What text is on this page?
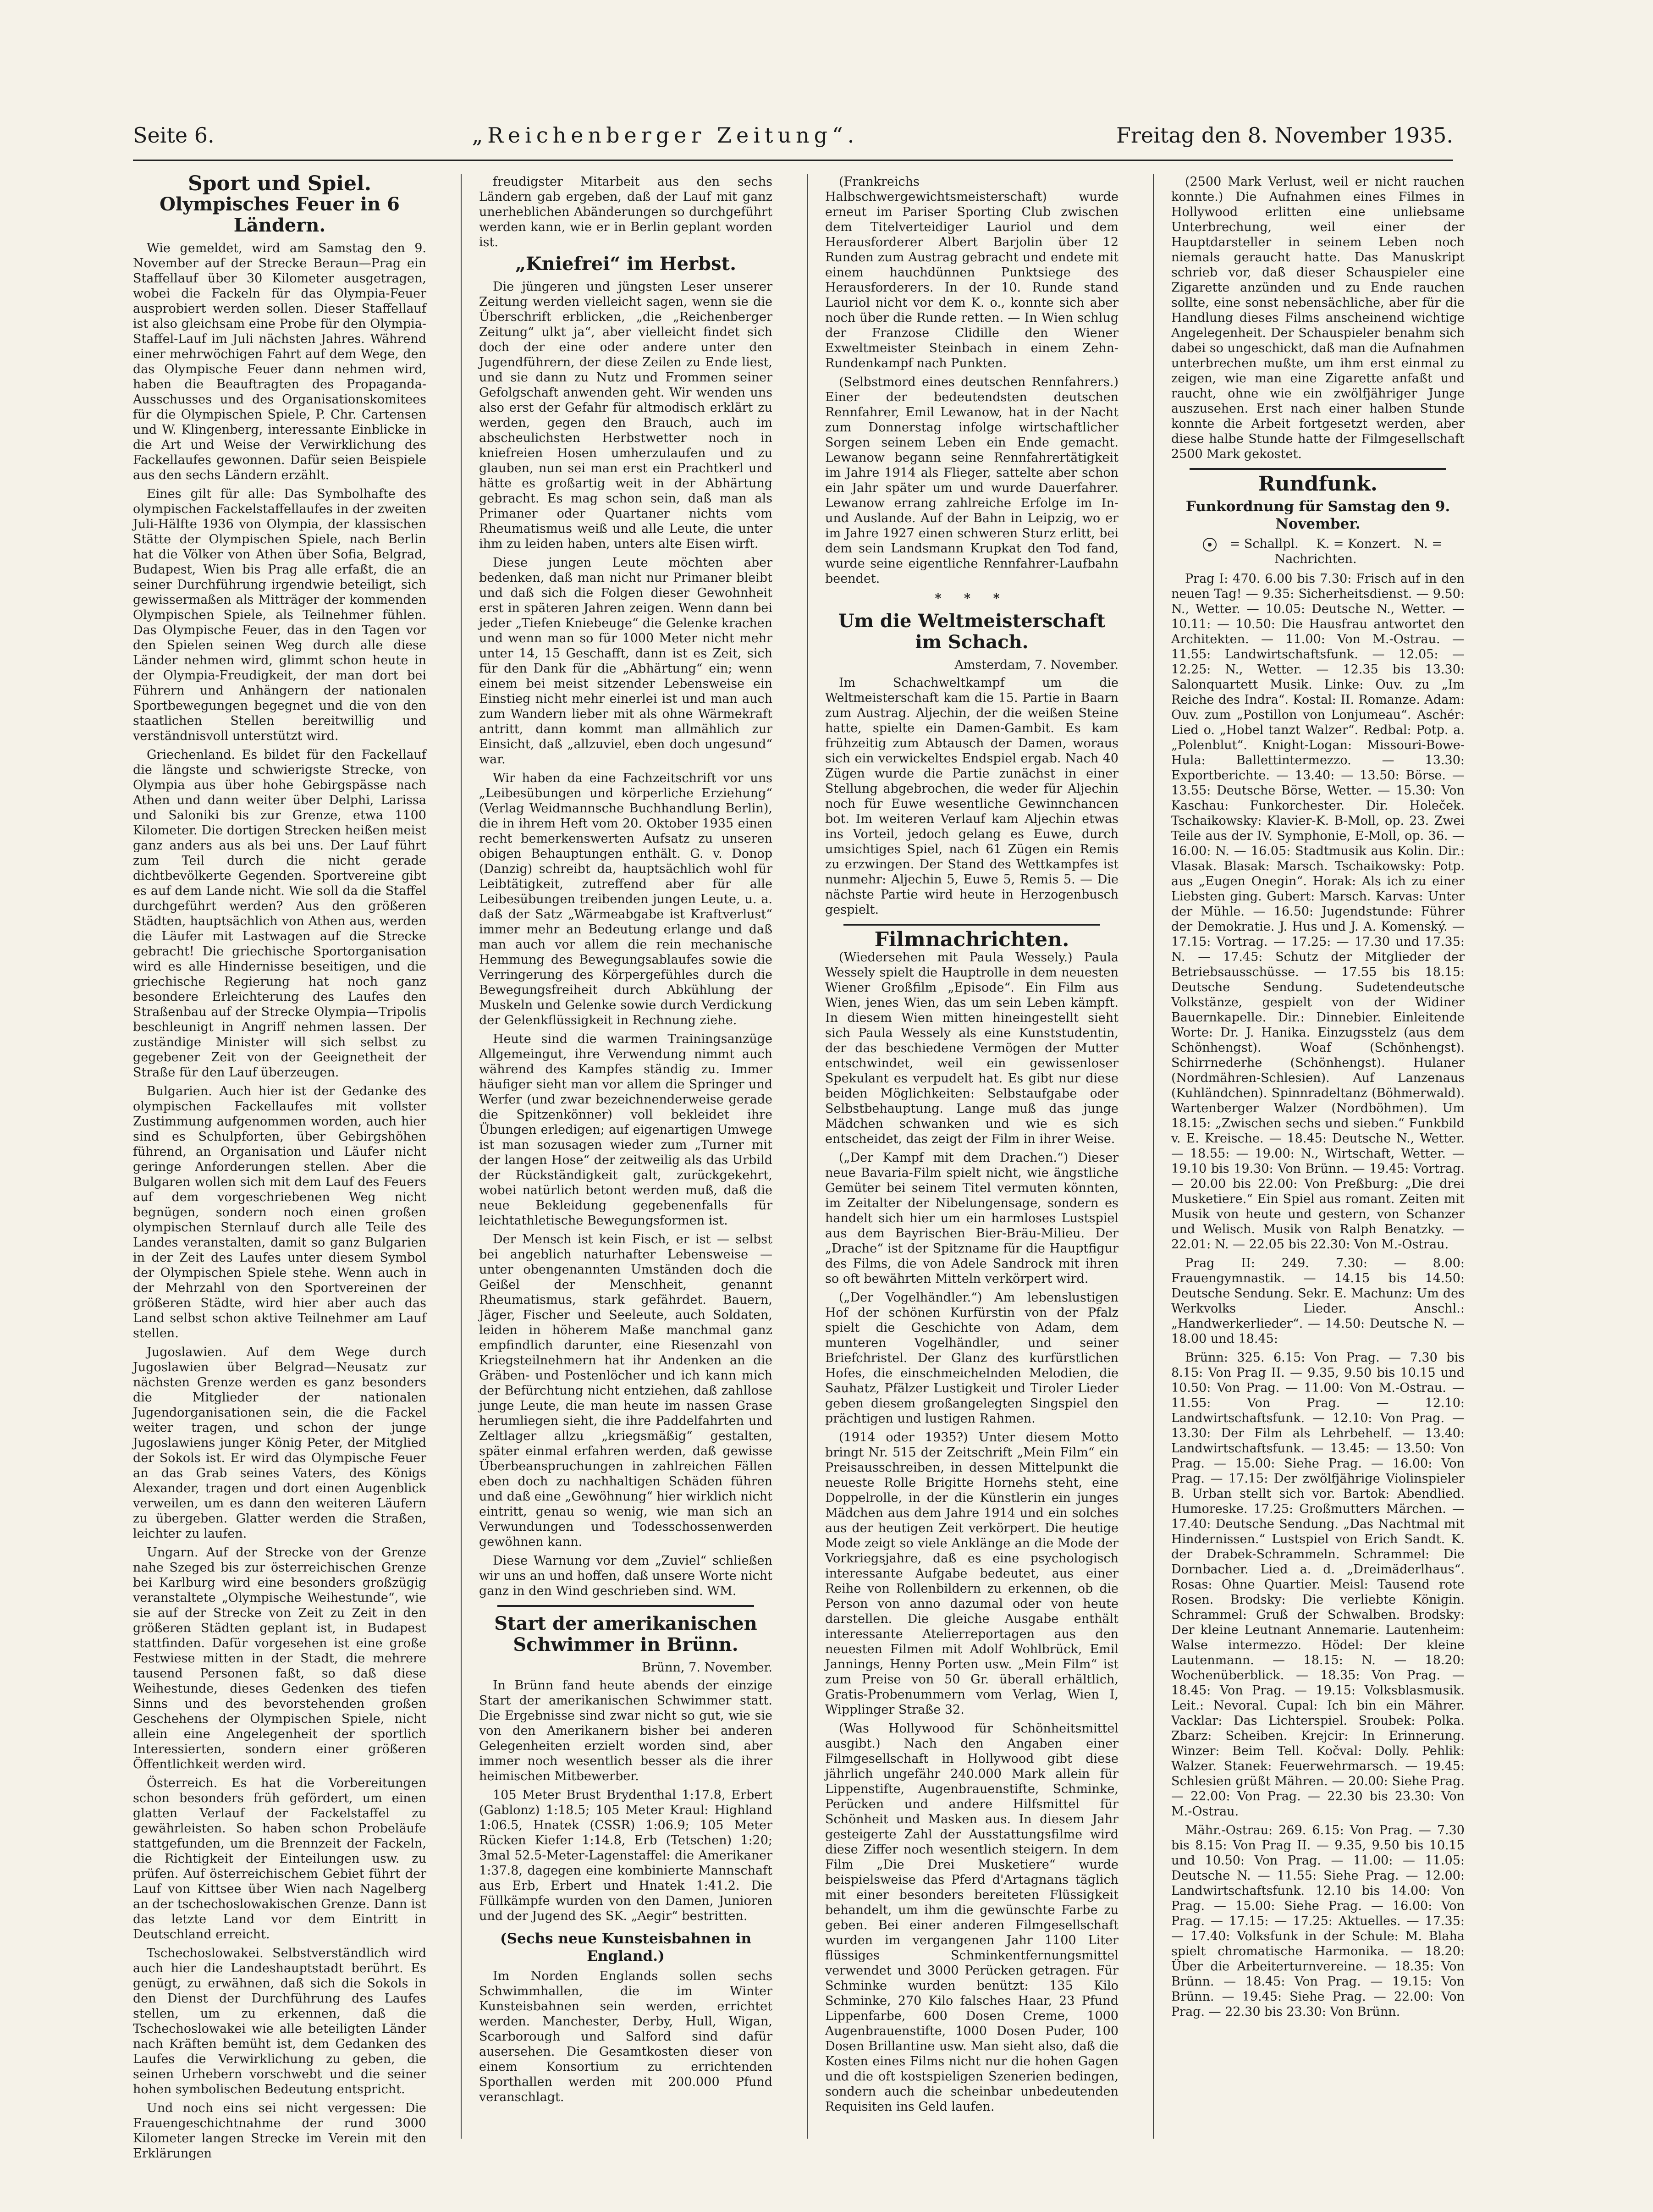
Seite 6.	„Reichenberger Zeitung“.	Freitag den 8. November 1935.
Sport und Spiel.
Olympisches Feuer in 6 Ländern.

Wie gemeldet, wird am Samstag den 9. November auf der Strecke Beraun—Prag ein Staffellauf über 30 Kilometer ausgetragen, wobei die Fackeln für das Olympia-Feuer ausprobiert werden sollen. Dieser Staffellauf ist also gleichsam eine Probe für den Olympia-Staffel-Lauf im Juli nächsten Jahres. Während einer mehrwöchigen Fahrt auf dem Wege, den das Olympische Feuer dann nehmen wird, haben die Beauftragten des Propaganda-Ausschusses und des Organisationskomitees für die Olympischen Spiele, P. Chr. Cartensen und W. Klingenberg, interessante Einblicke in die Art und Weise der Verwirklichung des Fackellaufes gewonnen. Dafür seien Beispiele aus den sechs Ländern erzählt.

Eines gilt für alle: Das Symbolhafte des olympischen Fackelstaffellaufes in der zweiten Juli-Hälfte 1936 von Olympia, der klassischen Stätte der Olympischen Spiele, nach Berlin hat die Völker von Athen über Sofia, Belgrad, Budapest, Wien bis Prag alle erfaßt, die an seiner Durchführung irgendwie beteiligt, sich gewissermaßen als Mitträger der kommenden Olympischen Spiele, als Teilnehmer fühlen. Das Olympische Feuer, das in den Tagen vor den Spielen seinen Weg durch alle diese Länder nehmen wird, glimmt schon heute in der Olympia-Freudigkeit, der man dort bei Führern und Anhängern der nationalen Sportbewegungen begegnet und die von den staatlichen Stellen bereitwillig und verständnisvoll unterstützt wird.

Griechenland. Es bildet für den Fackellauf die längste und schwierigste Strecke, von Olympia aus über hohe Gebirgspässe nach Athen und dann weiter über Delphi, Larissa und Saloniki bis zur Grenze, etwa 1100 Kilometer. Die dortigen Strecken heißen meist ganz anders aus als bei uns. Der Lauf führt zum Teil durch die nicht gerade dichtbevölkerte Gegenden. Sportvereine gibt es auf dem Lande nicht. Wie soll da die Staffel durchgeführt werden? Aus den größeren Städten, hauptsächlich von Athen aus, werden die Läufer mit Lastwagen auf die Strecke gebracht! Die griechische Sportorganisation wird es alle Hindernisse beseitigen, und die griechische Regierung hat noch ganz besondere Erleichterung des Laufes den Straßenbau auf der Strecke Olympia—Tripolis beschleunigt in Angriff nehmen lassen. Der zuständige Minister will sich selbst zu gegebener Zeit von der Geeignetheit der Straße für den Lauf überzeugen.

Bulgarien. Auch hier ist der Gedanke des olympischen Fackellaufes mit vollster Zustimmung aufgenommen worden, auch hier sind es Schulpforten, über Gebirgshöhen führend, an Organisation und Läufer nicht geringe Anforderungen stellen. Aber die Bulgaren wollen sich mit dem Lauf des Feuers auf dem vorgeschriebenen Weg nicht begnügen, sondern noch einen großen olympischen Sternlauf durch alle Teile des Landes veranstalten, damit so ganz Bulgarien in der Zeit des Laufes unter diesem Symbol der Olympischen Spiele stehe. Wenn auch in der Mehrzahl von den Sportvereinen der größeren Städte, wird hier aber auch das Land selbst schon aktive Teilnehmer am Lauf stellen.

Jugoslawien. Auf dem Wege durch Jugoslawien über Belgrad—Neusatz zur nächsten Grenze werden es ganz besonders die Mitglieder der nationalen Jugendorganisationen sein, die die Fackel weiter tragen, und schon der junge Jugoslawiens junger König Peter, der Mitglied der Sokols ist. Er wird das Olympische Feuer an das Grab seines Vaters, des Königs Alexander, tragen und dort einen Augenblick verweilen, um es dann den weiteren Läufern zu übergeben. Glatter werden die Straßen, leichter zu laufen.

Ungarn. Auf der Strecke von der Grenze nahe Szeged bis zur österreichischen Grenze bei Karlburg wird eine besonders großzügig veranstaltete „Olympische Weihestunde“, wie sie auf der Strecke von Zeit zu Zeit in den größeren Städten geplant ist, in Budapest stattfinden. Dafür vorgesehen ist eine große Festwiese mitten in der Stadt, die mehrere tausend Personen faßt, so daß diese Weihestunde, dieses Gedenken des tiefen Sinns und des bevorstehenden großen Geschehens der Olympischen Spiele, nicht allein eine Angelegenheit der sportlich Interessierten, sondern einer größeren Öffentlichkeit werden wird.

Österreich. Es hat die Vorbereitungen schon besonders früh gefördert, um einen glatten Verlauf der Fackelstaffel zu gewährleisten. So haben schon Probeläufe stattgefunden, um die Brennzeit der Fackeln, die Richtigkeit der Einteilungen usw. zu prüfen. Auf österreichischem Gebiet führt der Lauf von Kittsee über Wien nach Nagelberg an der tschechoslowakischen Grenze. Dann ist das letzte Land vor dem Eintritt in Deutschland erreicht.

Tschechoslowakei. Selbstverständlich wird auch hier die Landeshauptstadt berührt. Es genügt, zu erwähnen, daß sich die Sokols in den Dienst der Durchführung des Laufes stellen, um zu erkennen, daß die Tschechoslowakei wie alle beteiligten Länder nach Kräften bemüht ist, dem Gedanken des Laufes die Verwirklichung zu geben, die seinen Urhebern vorschwebt und die seiner hohen symbolischen Bedeutung entspricht.

Und noch eins sei nicht vergessen: Die Frauengeschichtnahme der rund 3000 Kilometer langen Strecke im Verein mit den Erklärungen

freudigster Mitarbeit aus den sechs Ländern gab ergeben, daß der Lauf mit ganz unerheblichen Abänderungen so durchgeführt werden kann, wie er in Berlin geplant worden ist.

„Kniefrei“ im Herbst.

Die jüngeren und jüngsten Leser unserer Zeitung werden vielleicht sagen, wenn sie die Überschrift erblicken, „die „Reichenberger Zeitung“ ulkt ja“, aber vielleicht findet sich doch der eine oder andere unter den Jugendführern, der diese Zeilen zu Ende liest, und sie dann zu Nutz und Frommen seiner Gefolgschaft anwenden geht. Wir wenden uns also erst der Gefahr für altmodisch erklärt zu werden, gegen den Brauch, auch im abscheulichsten Herbstwetter noch in kniefreien Hosen umherzulaufen und zu glauben, nun sei man erst ein Prachtkerl und hätte es großartig weit in der Abhärtung gebracht. Es mag schon sein, daß man als Primaner oder Quartaner nichts vom Rheumatismus weiß und alle Leute, die unter ihm zu leiden haben, unters alte Eisen wirft.

Diese jungen Leute möchten aber bedenken, daß man nicht nur Primaner bleibt und daß sich die Folgen dieser Gewohnheit erst in späteren Jahren zeigen. Wenn dann bei jeder „Tiefen Kniebeuge“ die Gelenke krachen und wenn man so für 1000 Meter nicht mehr unter 14, 15 Geschafft, dann ist es Zeit, sich für den Dank für die „Abhärtung“ ein; wenn einem bei meist sitzender Lebensweise ein Einstieg nicht mehr einerlei ist und man auch zum Wandern lieber mit als ohne Wärmekraft antritt, dann kommt man allmählich zur Einsicht, daß „allzuviel, eben doch ungesund“ war.

Wir haben da eine Fachzeitschrift vor uns „Leibesübungen und körperliche Erziehung“ (Verlag Weidmannsche Buchhandlung Berlin), die in ihrem Heft vom 20. Oktober 1935 einen recht bemerkenswerten Aufsatz zu unseren obigen Behauptungen enthält. G. v. Donop (Danzig) schreibt da, hauptsächlich wohl für Leibtätigkeit, zutreffend aber für alle Leibesübungen treibenden jungen Leute, u. a. daß der Satz „Wärmeabgabe ist Kraftverlust“ immer mehr an Bedeutung erlange und daß man auch vor allem die rein mechanische Hemmung des Bewegungsablaufes sowie die Verringerung des Körpergefühles durch die Bewegungsfreiheit durch Abkühlung der Muskeln und Gelenke sowie durch Verdickung der Gelenkflüssigkeit in Rechnung ziehe.

Heute sind die warmen Trainingsanzüge Allgemeingut, ihre Verwendung nimmt auch während des Kampfes ständig zu. Immer häufiger sieht man vor allem die Springer und Werfer (und zwar bezeichnenderweise gerade die Spitzenkönner) voll bekleidet ihre Übungen erledigen; auf eigenartigen Umwege ist man sozusagen wieder zum „Turner mit der langen Hose“ der zeitweilig als das Urbild der Rückständigkeit galt, zurückgekehrt, wobei natürlich betont werden muß, daß die neue Bekleidung gegebenenfalls für leichtathletische Bewegungsformen ist.

Der Mensch ist kein Fisch, er ist — selbst bei angeblich naturhafter Lebensweise — unter obengenannten Umständen doch die Geißel der Menschheit, genannt Rheumatismus, stark gefährdet. Bauern, Jäger, Fischer und Seeleute, auch Soldaten, leiden in höherem Maße manchmal ganz empfindlich darunter, eine Riesenzahl von Kriegsteilnehmern hat ihr Andenken an die Gräben- und Postenlöcher und ich kann mich der Befürchtung nicht entziehen, daß zahllose junge Leute, die man heute im nassen Grase herumliegen sieht, die ihre Paddelfahrten und Zeltlager allzu „kriegsmäßig“ gestalten, später einmal erfahren werden, daß gewisse Überbeanspruchungen in zahlreichen Fällen eben doch zu nachhaltigen Schäden führen und daß eine „Gewöhnung“ hier wirklich nicht eintritt, genau so wenig, wie man sich an Verwundungen und Todesschossenwerden gewöhnen kann.

Diese Warnung vor dem „Zuviel“ schließen wir uns an und hoffen, daß unsere Worte nicht ganz in den Wind geschrieben sind. WM.

Start der amerikanischen Schwimmer in Brünn.
Brünn, 7. November.

In Brünn fand heute abends der einzige Start der amerikanischen Schwimmer statt. Die Ergebnisse sind zwar nicht so gut, wie sie von den Amerikanern bisher bei anderen Gelegenheiten erzielt worden sind, aber immer noch wesentlich besser als die ihrer heimischen Mitbewerber.

105 Meter Brust Brydenthal 1:17.8, Erbert (Gablonz) 1:18.5; 105 Meter Kraul: Highland 1:06.5, Hnatek (CSSR) 1:06.9; 105 Meter Rücken Kiefer 1:14.8, Erb (Tetschen) 1:20; 3mal 52.5-Meter-Lagenstaffel: die Amerikaner 1:37.8, dagegen eine kombinierte Mannschaft aus Erb, Erbert und Hnatek 1:41.2. Die Füllkämpfe wurden von den Damen, Junioren und der Jugend des SK. „Aegir“ bestritten.

(Sechs neue Kunsteisbahnen in England.)

Im Norden Englands sollen sechs Schwimmhallen, die im Winter Kunsteisbahnen sein werden, errichtet werden. Manchester, Derby, Hull, Wigan, Scarborough und Salford sind dafür ausersehen. Die Gesamtkosten dieser von einem Konsortium zu errichtenden Sporthallen werden mit 200.000 Pfund veranschlagt.

(Frankreichs Halbschwergewichtsmeisterschaft) wurde erneut im Pariser Sporting Club zwischen dem Titelverteidiger Lauriol und dem Herausforderer Albert Barjolin über 12 Runden zum Austrag gebracht und endete mit einem hauchdünnen Punktsiege des Herausforderers. In der 10. Runde stand Lauriol nicht vor dem K. o., konnte sich aber noch über die Runde retten. — In Wien schlug der Franzose Clidille den Wiener Exweltmeister Steinbach in einem Zehn-Rundenkampf nach Punkten.

(Selbstmord eines deutschen Rennfahrers.) Einer der bedeutendsten deutschen Rennfahrer, Emil Lewanow, hat in der Nacht zum Donnerstag infolge wirtschaftlicher Sorgen seinem Leben ein Ende gemacht. Lewanow begann seine Rennfahrertätigkeit im Jahre 1914 als Flieger, sattelte aber schon ein Jahr später um und wurde Dauerfahrer. Lewanow errang zahlreiche Erfolge im In- und Auslande. Auf der Bahn in Leipzig, wo er im Jahre 1927 einen schweren Sturz erlitt, bei dem sein Landsmann Krupkat den Tod fand, wurde seine eigentliche Rennfahrer-Laufbahn beendet.

* * *
Um die Weltmeisterschaft im Schach.
Amsterdam, 7. November.

Im Schachweltkampf um die Weltmeisterschaft kam die 15. Partie in Baarn zum Austrag. Aljechin, der die weißen Steine hatte, spielte ein Damen-Gambit. Es kam frühzeitig zum Abtausch der Damen, woraus sich ein verwickeltes Endspiel ergab. Nach 40 Zügen wurde die Partie zunächst in einer Stellung abgebrochen, die weder für Aljechin noch für Euwe wesentliche Gewinnchancen bot. Im weiteren Verlauf kam Aljechin etwas ins Vorteil, jedoch gelang es Euwe, durch umsichtiges Spiel, nach 61 Zügen ein Remis zu erzwingen. Der Stand des Wettkampfes ist nunmehr: Aljechin 5, Euwe 5, Remis 5. — Die nächste Partie wird heute in Herzogenbusch gespielt.

Filmnachrichten.

(Wiedersehen mit Paula Wessely.) Paula Wessely spielt die Hauptrolle in dem neuesten Wiener Großfilm „Episode“. Ein Film aus Wien, jenes Wien, das um sein Leben kämpft. In diesem Wien mitten hineingestellt sieht sich Paula Wessely als eine Kunststudentin, der das beschiedene Vermögen der Mutter entschwindet, weil ein gewissenloser Spekulant es verpudelt hat. Es gibt nur diese beiden Möglichkeiten: Selbstaufgabe oder Selbstbehauptung. Lange muß das junge Mädchen schwanken und wie es sich entscheidet, das zeigt der Film in ihrer Weise.

(„Der Kampf mit dem Drachen.“) Dieser neue Bavaria-Film spielt nicht, wie ängstliche Gemüter bei seinem Titel vermuten könnten, im Zeitalter der Nibelungensage, sondern es handelt sich hier um ein harmloses Lustspiel aus dem Bayrischen Bier-Bräu-Milieu. Der „Drache“ ist der Spitzname für die Hauptfigur des Films, die von Adele Sandrock mit ihren so oft bewährten Mitteln verkörpert wird.

(„Der Vogelhändler.“) Am lebenslustigen Hof der schönen Kurfürstin von der Pfalz spielt die Geschichte von Adam, dem munteren Vogelhändler, und seiner Briefchristel. Der Glanz des kurfürstlichen Hofes, die einschmeichelnden Melodien, die Sauhatz, Pfälzer Lustigkeit und Tiroler Lieder geben diesem großangelegten Singspiel den prächtigen und lustigen Rahmen.

(1914 oder 1935?) Unter diesem Motto bringt Nr. 515 der Zeitschrift „Mein Film“ ein Preisausschreiben, in dessen Mittelpunkt die neueste Rolle Brigitte Hornehs steht, eine Doppelrolle, in der die Künstlerin ein junges Mädchen aus dem Jahre 1914 und ein solches aus der heutigen Zeit verkörpert. Die heutige Mode zeigt so viele Anklänge an die Mode der Vorkriegsjahre, daß es eine psychologisch interessante Aufgabe bedeutet, aus einer Reihe von Rollenbildern zu erkennen, ob die Person von anno dazumal oder von heute darstellen. Die gleiche Ausgabe enthält interessante Atelierreportagen aus den neuesten Filmen mit Adolf Wohlbrück, Emil Jannings, Henny Porten usw. „Mein Film“ ist zum Preise von 50 Gr. überall erhältlich, Gratis-Probenummern vom Verlag, Wien I, Wipplinger Straße 32.

(Was Hollywood für Schönheitsmittel ausgibt.) Nach den Angaben einer Filmgesellschaft in Hollywood gibt diese jährlich ungefähr 240.000 Mark allein für Lippenstifte, Augenbrauenstifte, Schminke, Perücken und andere Hilfsmittel für Schönheit und Masken aus. In diesem Jahr gesteigerte Zahl der Ausstattungsfilme wird diese Ziffer noch wesentlich steigern. In dem Film „Die Drei Musketiere“ wurde beispielsweise das Pferd d'Artagnans täglich mit einer besonders bereiteten Flüssigkeit behandelt, um ihm die gewünschte Farbe zu geben. Bei einer anderen Filmgesellschaft wurden im vergangenen Jahr 1100 Liter flüssiges Schminkentfernungsmittel verwendet und 3000 Perücken getragen. Für Schminke wurden benützt: 135 Kilo Schminke, 270 Kilo falsches Haar, 23 Pfund Lippenfarbe, 600 Dosen Creme, 1000 Augenbrauenstifte, 1000 Dosen Puder, 100 Dosen Brillantine usw. Man sieht also, daß die Kosten eines Films nicht nur die hohen Gagen und die oft kostspieligen Szenerien bedingen, sondern auch die scheinbar unbedeutenden Requisiten ins Geld laufen.

(2500 Mark Verlust, weil er nicht rauchen konnte.) Die Aufnahmen eines Filmes in Hollywood erlitten eine unliebsame Unterbrechung, weil einer der Hauptdarsteller in seinem Leben noch niemals geraucht hatte. Das Manuskript schrieb vor, daß dieser Schauspieler eine Zigarette anzünden und zu Ende rauchen sollte, eine sonst nebensächliche, aber für die Handlung dieses Films anscheinend wichtige Angelegenheit. Der Schauspieler benahm sich dabei so ungeschickt, daß man die Aufnahmen unterbrechen mußte, um ihm erst einmal zu zeigen, wie man eine Zigarette anfaßt und raucht, ohne wie ein zwölfjähriger Junge auszusehen. Erst nach einer halben Stunde konnte die Arbeit fortgesetzt werden, aber diese halbe Stunde hatte der Filmgesellschaft 2500 Mark gekostet.

Rundfunk.
Funkordnung für Samstag den 9. November.
= Schallpl. K. = Konzert. N. = Nachrichten.

Prag I: 470. 6.00 bis 7.30: Frisch auf in den neuen Tag! — 9.35: Sicherheitsdienst. — 9.50: N., Wetter. — 10.05: Deutsche N., Wetter. — 10.11: — 10.50: Die Hausfrau antwortet den Architekten. — 11.00: Von M.-Ostrau. — 11.55: Landwirtschaftsfunk. — 12.05: — 12.25: N., Wetter. — 12.35 bis 13.30: Salonquartett Musik. Linke: Ouv. zu „Im Reiche des Indra“. Kostal: II. Romanze. Adam: Ouv. zum „Postillon von Lonjumeau“. Aschér: Lied o. „Hobel tanzt Walzer“. Redbal: Potp. a. „Polenblut“. Knight-Logan: Missouri-Bowe-Hula: Ballettintermezzo. — 13.30: Exportberichte. — 13.40: — 13.50: Börse. — 13.55: Deutsche Börse, Wetter. — 15.30: Von Kaschau: Funkorchester. Dir. Holeček. Tschaikowsky: Klavier-K. B-Moll, op. 23. Zwei Teile aus der IV. Symphonie, E-Moll, op. 36. — 16.00: N. — 16.05: Stadtmusik aus Kolin. Dir.: Vlasak. Blasak: Marsch. Tschaikowsky: Potp. aus „Eugen Onegin“. Horak: Als ich zu einer Liebsten ging. Gubert: Marsch. Karvas: Unter der Mühle. — 16.50: Jugendstunde: Führer der Demokratie. J. Hus und J. A. Komenský. — 17.15: Vortrag. — 17.25: — 17.30 und 17.35: N. — 17.45: Schutz der Mitglieder der Betriebsausschüsse. — 17.55 bis 18.15: Deutsche Sendung. Sudetendeutsche Volkstänze, gespielt von der Widiner Bauernkapelle. Dir.: Dinnebier. Einleitende Worte: Dr. J. Hanika. Einzugsstelz (aus dem Schönhengst). Woaf (Schönhengst). Schirrnederhe (Schönhengst). Hulaner (Nordmähren-Schlesien). Auf Lanzenaus (Kuhländchen). Spinnradeltanz (Böhmerwald). Wartenberger Walzer (Nordböhmen). Um 18.15: „Zwischen sechs und sieben.“ Funkbild v. E. Kreische. — 18.45: Deutsche N., Wetter. — 18.55: — 19.00: N., Wirtschaft, Wetter. — 19.10 bis 19.30: Von Brünn. — 19.45: Vortrag. — 20.00 bis 22.00: Von Preßburg: „Die drei Musketiere.“ Ein Spiel aus romant. Zeiten mit Musik von heute und gestern, von Schanzer und Welisch. Musik von Ralph Benatzky. — 22.01: N. — 22.05 bis 22.30: Von M.-Ostrau.

Prag II: 249. 7.30: — 8.00: Frauengymnastik. — 14.15 bis 14.50: Deutsche Sendung. Sekr. E. Machunz: Um des Werkvolks Lieder. Anschl.: „Handwerkerlieder“. — 14.50: Deutsche N. — 18.00 und 18.45:

Brünn: 325. 6.15: Von Prag. — 7.30 bis 8.15: Von Prag II. — 9.35, 9.50 bis 10.15 und 10.50: Von Prag. — 11.00: Von M.-Ostrau. — 11.55: Von Prag. — 12.10: Landwirtschaftsfunk. — 12.10: Von Prag. — 13.30: Der Film als Lehrbehelf. — 13.40: Landwirtschaftsfunk. — 13.45: — 13.50: Von Prag. — 15.00: Siehe Prag. — 16.00: Von Prag. — 17.15: Der zwölfjährige Violinspieler B. Urban stellt sich vor. Bartok: Abendlied. Humoreske. 17.25: Großmutters Märchen. — 17.40: Deutsche Sendung. „Das Nachtmal mit Hindernissen.“ Lustspiel von Erich Sandt. K. der Drabek-Schrammeln. Schrammel: Die Dornbacher. Lied a. d. „Dreimäderlhaus“. Rosas: Ohne Quartier. Meisl: Tausend rote Rosen. Brodsky: Die verliebte Königin. Schrammel: Gruß der Schwalben. Brodsky: Der kleine Leutnant Annemarie. Lautenheim: Walse intermezzo. Hödel: Der kleine Lautenmann. — 18.15: N. — 18.20: Wochenüberblick. — 18.35: Von Prag. — 18.45: Von Prag. — 19.15: Volksblasmusik. Leit.: Nevoral. Cupal: Ich bin ein Mährer. Vacklar: Das Lichterspiel. Sroubek: Polka. Zbarz: Scheiben. Krejcir: In Erinnerung. Winzer: Beim Tell. Kočval: Dolly. Pehlik: Walzer. Stanek: Feuerwehrmarsch. — 19.45: Schlesien grüßt Mähren. — 20.00: Siehe Prag. — 22.00: Von Prag. — 22.30 bis 23.30: Von M.-Ostrau.

Mähr.-Ostrau: 269. 6.15: Von Prag. — 7.30 bis 8.15: Von Prag II. — 9.35, 9.50 bis 10.15 und 10.50: Von Prag. — 11.00: — 11.05: Deutsche N. — 11.55: Siehe Prag. — 12.00: Landwirtschaftsfunk. 12.10 bis 14.00: Von Prag. — 15.00: Siehe Prag. — 16.00: Von Prag. — 17.15: — 17.25: Aktuelles. — 17.35: — 17.40: Volksfunk in der Schule: M. Blaha spielt chromatische Harmonika. — 18.20: Über die Arbeiterturnvereine. — 18.35: Von Brünn. — 18.45: Von Prag. — 19.15: Von Brünn. — 19.45: Siehe Prag. — 22.00: Von Prag. — 22.30 bis 23.30: Von Brünn.
